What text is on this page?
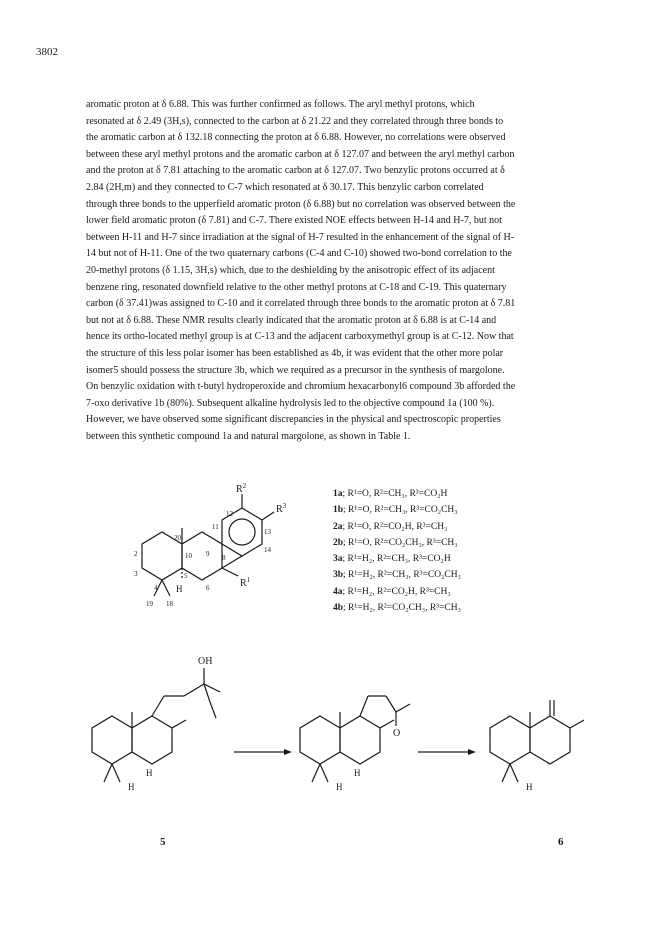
3802
aromatic proton at δ 6.88. This was further confirmed as follows. The aryl methyl protons, which
resonated at δ 2.49 (3H,s), connected to the carbon at δ 21.22 and they correlated through three bonds to
the aromatic carbon at δ 132.18 connecting the proton at δ 6.88. However, no correlations were observed
between these aryl methyl protons and the aromatic carbon at δ 127.07 and between the aryl methyl carbon
and the proton at δ 7.81 attaching to the aromatic carbon at δ 127.07. Two benzylic protons occurred at δ
2.84 (2H,m) and they connected to C-7 which resonated at δ 30.17. This benzylic carbon correlated
through three bonds to the upperfield aromatic proton (δ 6.88) but no correlation was observed between the
lower field aromatic proton (δ 7.81) and C-7. There existed NOE effects between H-14 and H-7, but not
between H-11 and H-7 since irradiation at the signal of H-7 resulted in the enhancement of the signal of H-
14 but not of H-11. One of the two quaternary carbons (C-4 and C-10) showed two-bond correlation to the
20-methyl protons (δ 1.15, 3H,s) which, due to the deshielding by the anisotropic effect of its adjacent
benzene ring, resonated downfield relative to the other methyl protons at C-18 and C-19. This quaternary
carbon (δ 37.41)was assigned to C-10 and it correlated through three bonds to the aromatic proton at δ 7.81
but not at δ 6.88. These NMR results clearly indicated that the aromatic proton at δ 6.88 is at C-14 and
hence its ortho-located methyl group is at C-13 and the adjacent carboxymethyl group is at C-12. Now that
the structure of this less polar isomer has been established as 4b, it was evident that the other more polar
isomer5 should possess the structure 3b, which we required as a precursor in the synthesis of margolone.
On benzylic oxidation with t-butyl hydroperoxide and chromium hexacarbonyl6 compound 3b afforded the
7-oxo derivative 1b (80%). Subsequent alkaline hydrolysis led to the objective compound 1a (100 %).
However, we have observed some significant discrepancies in the physical and spectroscopic properties
between this synthetic compound 1a and natural margolone, as shown in Table 1.
$R^2$
$R^3$
$R^1$
12
11
20
13
14
9
10	8
2
3	5
6
4 H
19 18
1a; R¹=O, R²=CH₃, R³=CO₂H
1b; R¹=O, R²=CH₃, R³=CO₂CH₃
2a; R¹=O, R²=CO₂H, R³=CH₃
2b; R¹=O, R²=CO₂CH₃, R³=CH₃
3a; R¹=H₂, R²=CH₃, R³=CO₂H
3b; R¹=H₂, R²=CH₃, R³=CO₂CH₃
4a; R¹=H₂, R²=CO₂H, R³=CH₃
4b; R¹=H₂, R²=CO₂CH₃, R³=CH₃
OH
H
H
O
H
H
H
5	6
